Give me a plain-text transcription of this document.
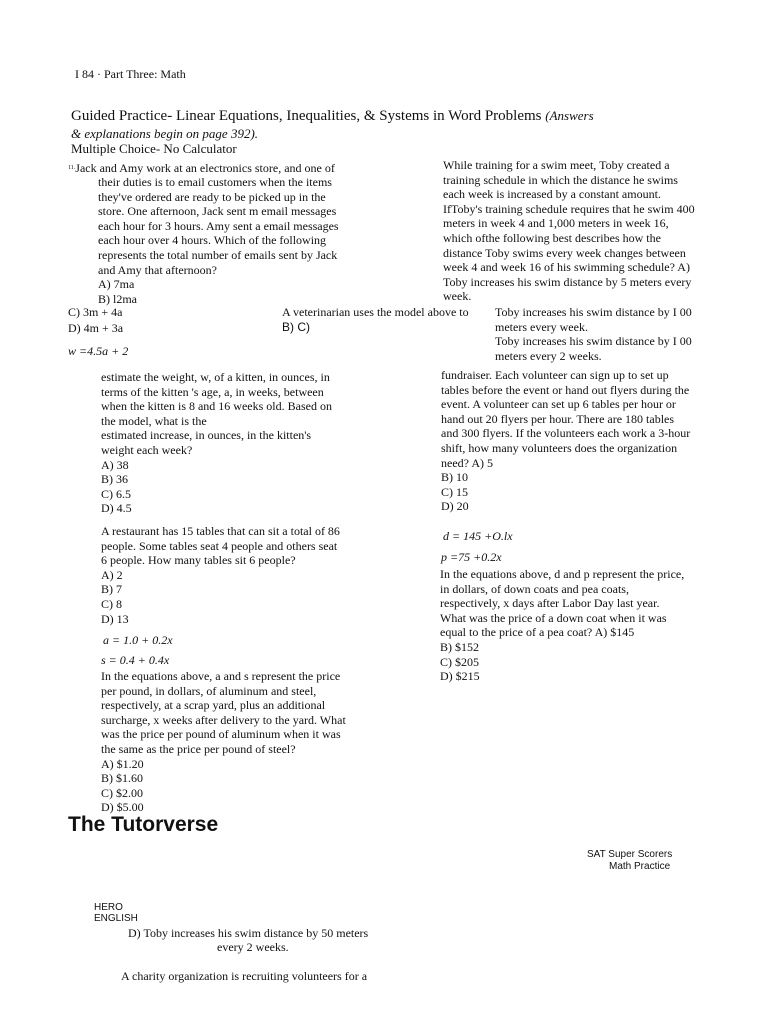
I 84 · Part Three: Math
Guided Practice- Linear Equations, Inequalities, & Systems in Word Problems (Answers
& explanations begin on page 392).
Multiple Choice- No Calculator
$^{11.}$Jack and Amy work at an electronics store, and one of
their duties is to email customers when the items
they've ordered are ready to be picked up in the
store. One afternoon, Jack sent m email messages
each hour for 3 hours. Amy sent a email messages
each hour over 4 hours. Which of the following
represents the total number of emails sent by Jack
and Amy that afternoon?
A) 7ma
B) l2ma
C) 3m + 4a
D) 4m + 3a
A veterinarian uses the model above to
B) C)
w =4.5a + 2
estimate the weight, w, of a kitten, in ounces, in
terms of the kitten 's age, a, in weeks, between
when the kitten is 8 and 16 weeks old. Based on
the model, what is the
estimated increase, in ounces, in the kitten's
weight each week?
A) 38
B) 36
C) 6.5
D) 4.5
A restaurant has 15 tables that can sit a total of 86
people. Some tables seat 4 people and others seat
6 people. How many tables sit 6 people?
A) 2
B) 7
C) 8
D) 13
a = 1.0 + 0.2x
s = 0.4 + 0.4x
In the equations above, a and s represent the price
per pound, in dollars, of aluminum and steel,
respectively, at a scrap yard, plus an additional
surcharge, x weeks after delivery to the yard. What
was the price per pound of aluminum when it was
the same as the price per pound of steel?
A) $1.20
B) $1.60
C) $2.00
D) $5.00
While training for a swim meet, Toby created a
training schedule in which the distance he swims
each week is increased by a constant amount.
IfToby's training schedule requires that he swim 400
meters in week 4 and 1,000 meters in week 16,
which ofthe following best describes how the
distance Toby swims every week changes between
week 4 and week 16 of his swimming schedule? A)
Toby increases his swim distance by 5 meters every
week.
Toby increases his swim distance by I 00
meters every week.
Toby increases his swim distance by I 00
meters every 2 weeks.
fundraiser. Each volunteer can sign up to set up
tables before the event or hand out flyers during the
event. A volunteer can set up 6 tables per hour or
hand out 20 flyers per hour. There are 180 tables
and 300 flyers. If the volunteers each work a 3-hour
shift, how many volunteers does the organization
need? A) 5
B) 10
C) 15
D) 20
d = 145 +O.lx
p =75 +0.2x
In the equations above, d and p represent the price,
in dollars, of down coats and pea coats,
respectively, x days after Labor Day last year.
What was the price of a down coat when it was
equal to the price of a pea coat? A) $145
B) $152
C) $205
D) $215
The Tutorverse
SAT Super Scorers
Math Practice
HERO
ENGLISH
D) Toby increases his swim distance by 50 meters
every 2 weeks.
A charity organization is recruiting volunteers for a
